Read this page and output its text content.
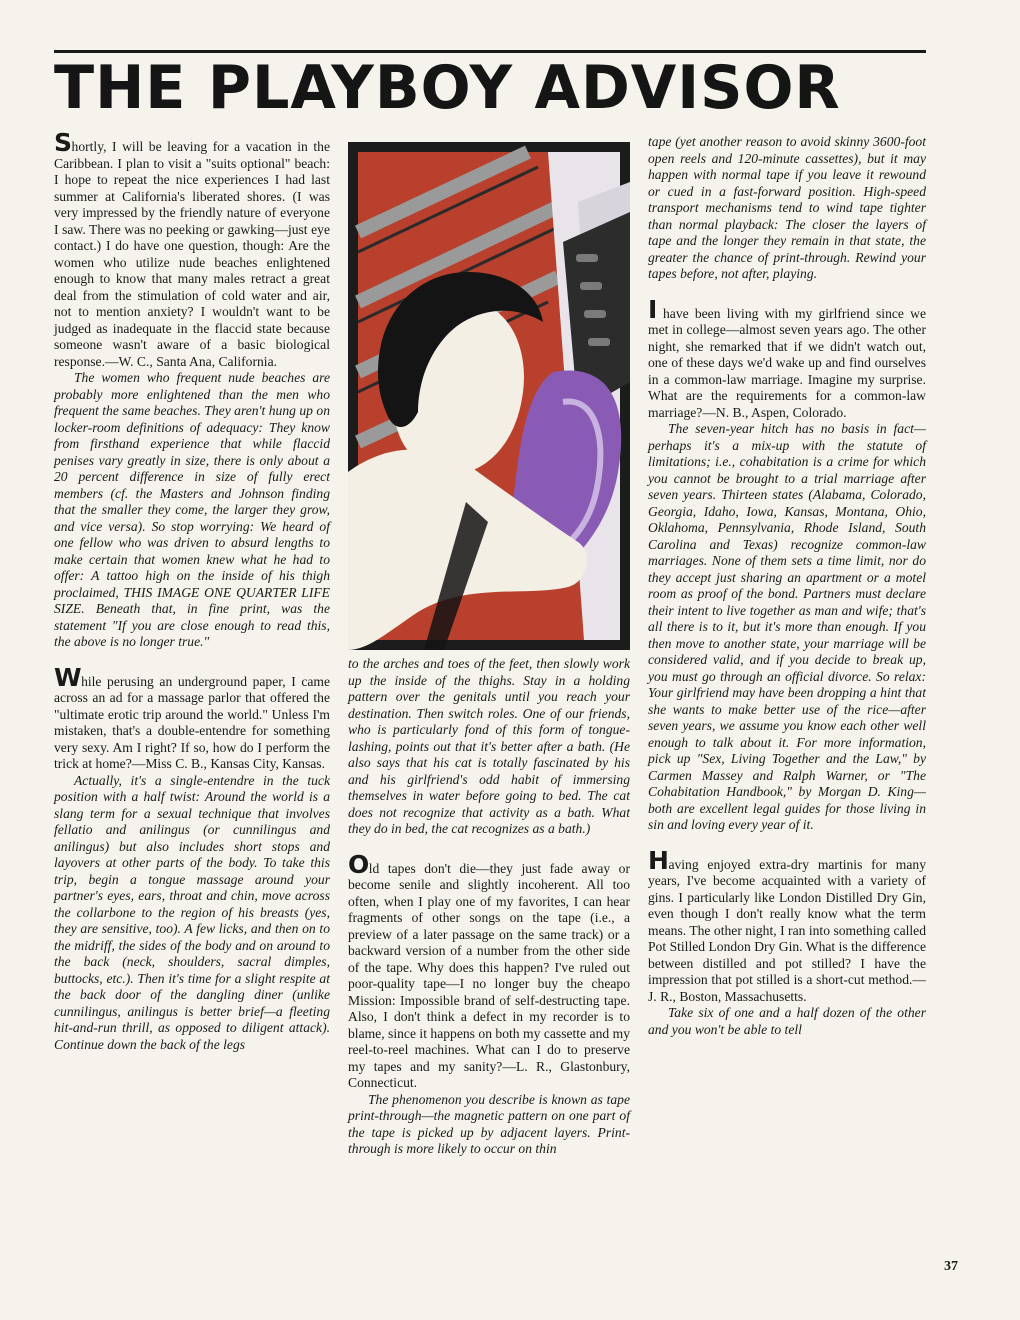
THE PLAYBOY ADVISOR

Shortly, I will be leaving for a vacation in the Caribbean. I plan to visit a "suits optional" beach: I hope to repeat the nice experiences I had last summer at California's liberated shores. (I was very impressed by the friendly nature of everyone I saw. There was no peeking or gawking—just eye contact.) I do have one question, though: Are the women who utilize nude beaches enlightened enough to know that many males retract a great deal from the stimulation of cold water and air, not to mention anxiety? I wouldn't want to be judged as inadequate in the flaccid state because someone wasn't aware of a basic biological response.—W. C., Santa Ana, California.

The women who frequent nude beaches are probably more enlightened than the men who frequent the same beaches. They aren't hung up on locker-room definitions of adequacy: They know from firsthand experience that while flaccid penises vary greatly in size, there is only about a 20 percent difference in size of fully erect members (cf. the Masters and Johnson finding that the smaller they come, the larger they grow, and vice versa). So stop worrying: We heard of one fellow who was driven to absurd lengths to make certain that women knew what he had to offer: A tattoo high on the inside of his thigh proclaimed, THIS IMAGE ONE QUARTER LIFE SIZE. Beneath that, in fine print, was the statement "If you are close enough to read this, the above is no longer true."

While perusing an underground paper, I came across an ad for a massage parlor that offered the "ultimate erotic trip around the world." Unless I'm mistaken, that's a double-entendre for something very sexy. Am I right? If so, how do I perform the trick at home?—Miss C. B., Kansas City, Kansas.

Actually, it's a single-entendre in the tuck position with a half twist: Around the world is a slang term for a sexual technique that involves fellatio and anilingus (or cunnilingus and anilingus) but also includes short stops and layovers at other parts of the body. To take this trip, begin a tongue massage around your partner's eyes, ears, throat and chin, move across the collarbone to the region of his breasts (yes, they are sensitive, too). A few licks, and then on to the midriff, the sides of the body and on around to the back (neck, shoulders, sacral dimples, buttocks, etc.). Then it's time for a slight respite at the back door of the dangling diner (unlike cunnilingus, anilingus is better brief—a fleeting hit-and-run thrill, as opposed to diligent attack). Continue down the back of the legs

to the arches and toes of the feet, then slowly work up the inside of the thighs. Stay in a holding pattern over the genitals until you reach your destination. Then switch roles. One of our friends, who is particularly fond of this form of tongue-lashing, points out that it's better after a bath. (He also says that his cat is totally fascinated by his and his girlfriend's odd habit of immersing themselves in water before going to bed. The cat does not recognize that activity as a bath. What they do in bed, the cat recognizes as a bath.)

Old tapes don't die—they just fade away or become senile and slightly incoherent. All too often, when I play one of my favorites, I can hear fragments of other songs on the tape (i.e., a preview of a later passage on the same track) or a backward version of a number from the other side of the tape. Why does this happen? I've ruled out poor-quality tape—I no longer buy the cheapo Mission: Impossible brand of self-destructing tape. Also, I don't think a defect in my recorder is to blame, since it happens on both my cassette and my reel-to-reel machines. What can I do to preserve my tapes and my sanity?—L. R., Glastonbury, Connecticut.

The phenomenon you describe is known as tape print-through—the magnetic pattern on one part of the tape is picked up by adjacent layers. Print-through is more likely to occur on thin

tape (yet another reason to avoid skinny 3600-foot open reels and 120-minute cassettes), but it may happen with normal tape if you leave it rewound or cued in a fast-forward position. High-speed transport mechanisms tend to wind tape tighter than normal playback: The closer the layers of tape and the longer they remain in that state, the greater the chance of print-through. Rewind your tapes before, not after, playing.

I have been living with my girlfriend since we met in college—almost seven years ago. The other night, she remarked that if we didn't watch out, one of these days we'd wake up and find ourselves in a common-law marriage. Imagine my surprise. What are the requirements for a common-law marriage?—N. B., Aspen, Colorado.

The seven-year hitch has no basis in fact—perhaps it's a mix-up with the statute of limitations; i.e., cohabitation is a crime for which you cannot be brought to a trial marriage after seven years. Thirteen states (Alabama, Colorado, Georgia, Idaho, Iowa, Kansas, Montana, Ohio, Oklahoma, Pennsylvania, Rhode Island, South Carolina and Texas) recognize common-law marriages. None of them sets a time limit, nor do they accept just sharing an apartment or a motel room as proof of the bond. Partners must declare their intent to live together as man and wife; that's all there is to it, but it's more than enough. If you then move to another state, your marriage will be considered valid, and if you decide to break up, you must go through an official divorce. So relax: Your girlfriend may have been dropping a hint that she wants to make better use of the rice—after seven years, we assume you know each other well enough to talk about it. For more information, pick up "Sex, Living Together and the Law," by Carmen Massey and Ralph Warner, or "The Cohabitation Handbook," by Morgan D. King—both are excellent legal guides for those living in sin and loving every year of it.

Having enjoyed extra-dry martinis for many years, I've become acquainted with a variety of gins. I particularly like London Distilled Dry Gin, even though I don't really know what the term means. The other night, I ran into something called Pot Stilled London Dry Gin. What is the difference between distilled and pot stilled? I have the impression that pot stilled is a short-cut method.—J. R., Boston, Massachusetts.

Take six of one and a half dozen of the other and you won't be able to tell

37
